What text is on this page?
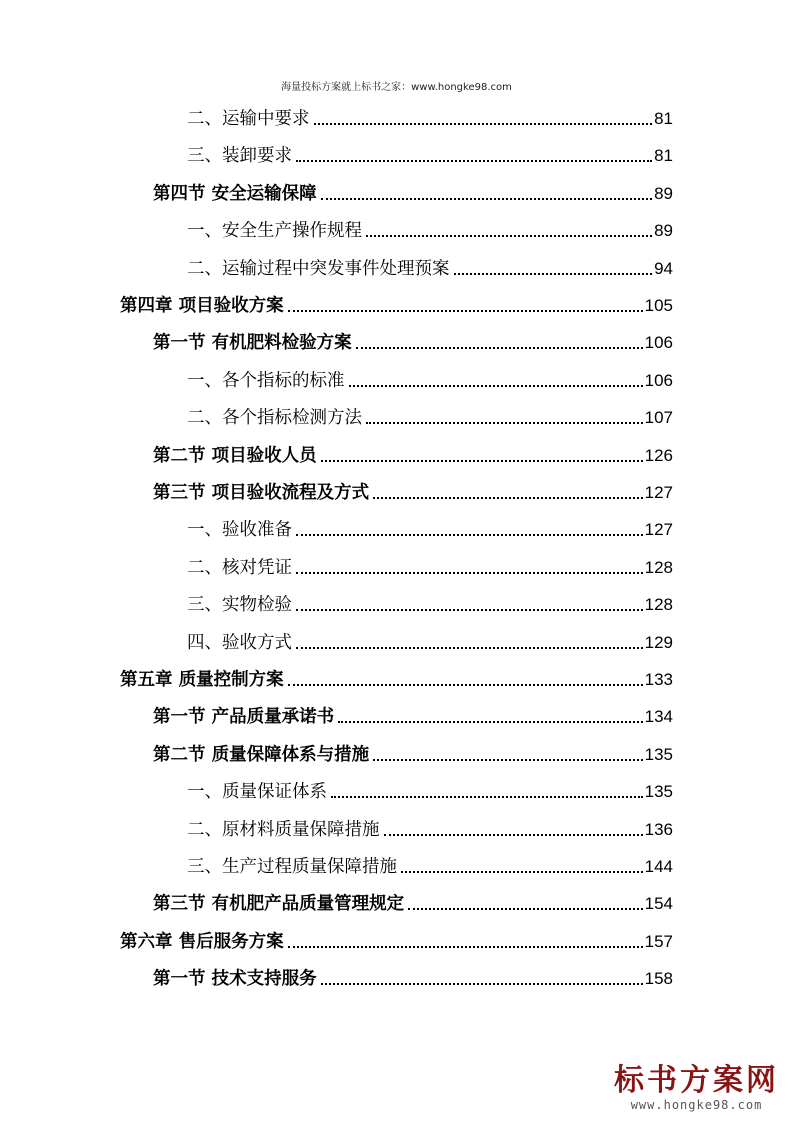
海量投标方案就上标书之家：www.hongke98.com
二、运输中要求	81
三、装卸要求	81
第四节 安全运输保障	89
一、安全生产操作规程	89
二、运输过程中突发事件处理预案	94
第四章 项目验收方案	105
第一节 有机肥料检验方案	106
一、各个指标的标准	106
二、各个指标检测方法	107
第二节 项目验收人员	126
第三节 项目验收流程及方式	127
一、验收准备	127
二、核对凭证	128
三、实物检验	128
四、验收方式	129
第五章 质量控制方案	133
第一节 产品质量承诺书	134
第二节 质量保障体系与措施	135
一、质量保证体系	135
二、原材料质量保障措施	136
三、生产过程质量保障措施	144
第三节 有机肥产品质量管理规定	154
第六章 售后服务方案	157
第一节 技术支持服务	158
标书方案网
www.hongke98.com
